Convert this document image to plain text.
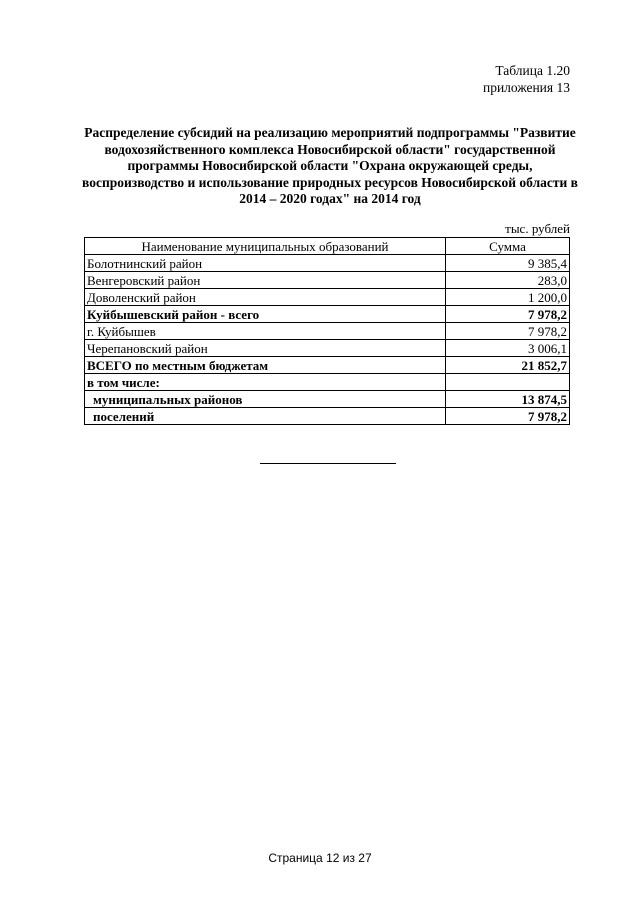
Таблица 1.20
приложения 13
Распределение субсидий на реализацию мероприятий подпрограммы "Развитие
водохозяйственного комплекса Новосибирской области" государственной
программы Новосибирской области "Охрана окружающей среды,
воспроизводство и использование природных ресурсов Новосибирской области в
2014 – 2020 годах" на 2014 год
тыс. рублей
Наименование муниципальных образований	Сумма
Болотнинский район	9 385,4
Венгеровский район	283,0
Доволенский район	1 200,0
Куйбышевский район - всего	7 978,2
г. Куйбышев	7 978,2
Черепановский район	3 006,1
ВСЕГО по местным бюджетам	21 852,7
в том числе:	
муниципальных районов	13 874,5
поселений	7 978,2
Страница 12 из 27
